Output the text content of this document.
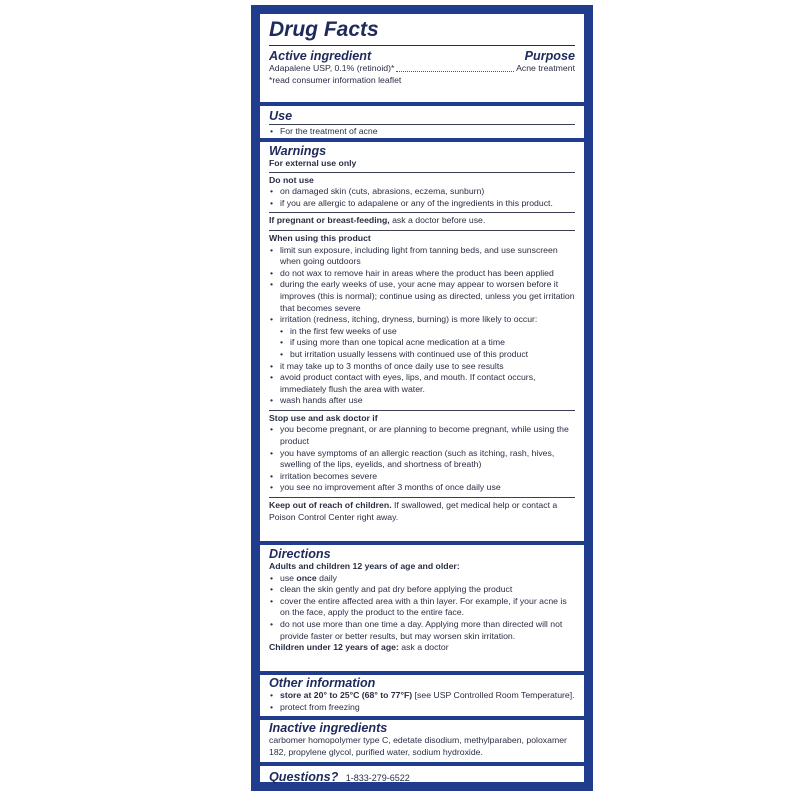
Drug Facts
Active ingredient	Purpose
Adapalene USP, 0.1% (retinoid)*	Acne treatment
*read consumer information leaflet
Use
• For the treatment of acne
Warnings
For external use only
Do not use
• on damaged skin (cuts, abrasions, eczema, sunburn)
• if you are allergic to adapalene or any of the ingredients in this product.
If pregnant or breast-feeding, ask a doctor before use.
When using this product
• limit sun exposure, including light from tanning beds, and use sunscreen when going outdoors
• do not wax to remove hair in areas where the product has been applied
• during the early weeks of use, your acne may appear to worsen before it improves (this is normal); continue using as directed, unless you get irritation that becomes severe
• irritation (redness, itching, dryness, burning) is more likely to occur:
• in the first few weeks of use
• if using more than one topical acne medication at a time
• but irritation usually lessens with continued use of this product
• it may take up to 3 months of once daily use to see results
• avoid product contact with eyes, lips, and mouth. If contact occurs, immediately flush the area with water.
• wash hands after use
Stop use and ask doctor if
• you become pregnant, or are planning to become pregnant, while using the product
• you have symptoms of an allergic reaction (such as itching, rash, hives, swelling of the lips, eyelids, and shortness of breath)
• irritation becomes severe
• you see no improvement after 3 months of once daily use
Keep out of reach of children. If swallowed, get medical help or contact a Poison Control Center right away.
Directions
Adults and children 12 years of age and older:
• use once daily
• clean the skin gently and pat dry before applying the product
• cover the entire affected area with a thin layer. For example, if your acne is on the face, apply the product to the entire face.
• do not use more than one time a day. Applying more than directed will not provide faster or better results, but may worsen skin irritation.
Children under 12 years of age: ask a doctor
Other information
• store at 20° to 25°C (68° to 77°F) [see USP Controlled Room Temperature].
• protect from freezing
Inactive ingredients
carbomer homopolymer type C, edetate disodium, methylparaben, poloxamer 182, propylene glycol, purified water, sodium hydroxide.
Questions? 1-833-279-6522
